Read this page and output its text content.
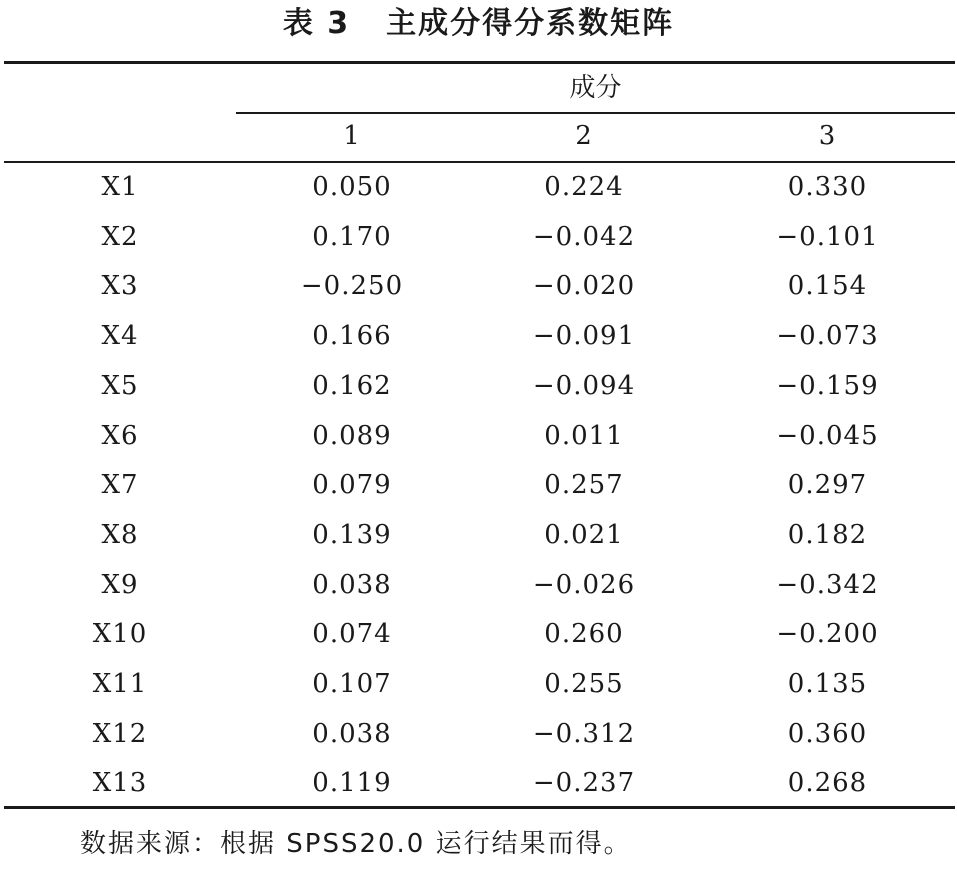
表 3 主成分得分系数矩阵
成分
1	2	3
X1	0.050	0.224	0.330
X2	0.170	−0.042	−0.101
X3	−0.250	−0.020	0.154
X4	0.166	−0.091	−0.073
X5	0.162	−0.094	−0.159
X6	0.089	0.011	−0.045
X7	0.079	0.257	0.297
X8	0.139	0.021	0.182
X9	0.038	−0.026	−0.342
X10	0.074	0.260	−0.200
X11	0.107	0.255	0.135
X12	0.038	−0.312	0.360
X13	0.119	−0.237	0.268
数据来源：根据 SPSS20.0 运行结果而得。
